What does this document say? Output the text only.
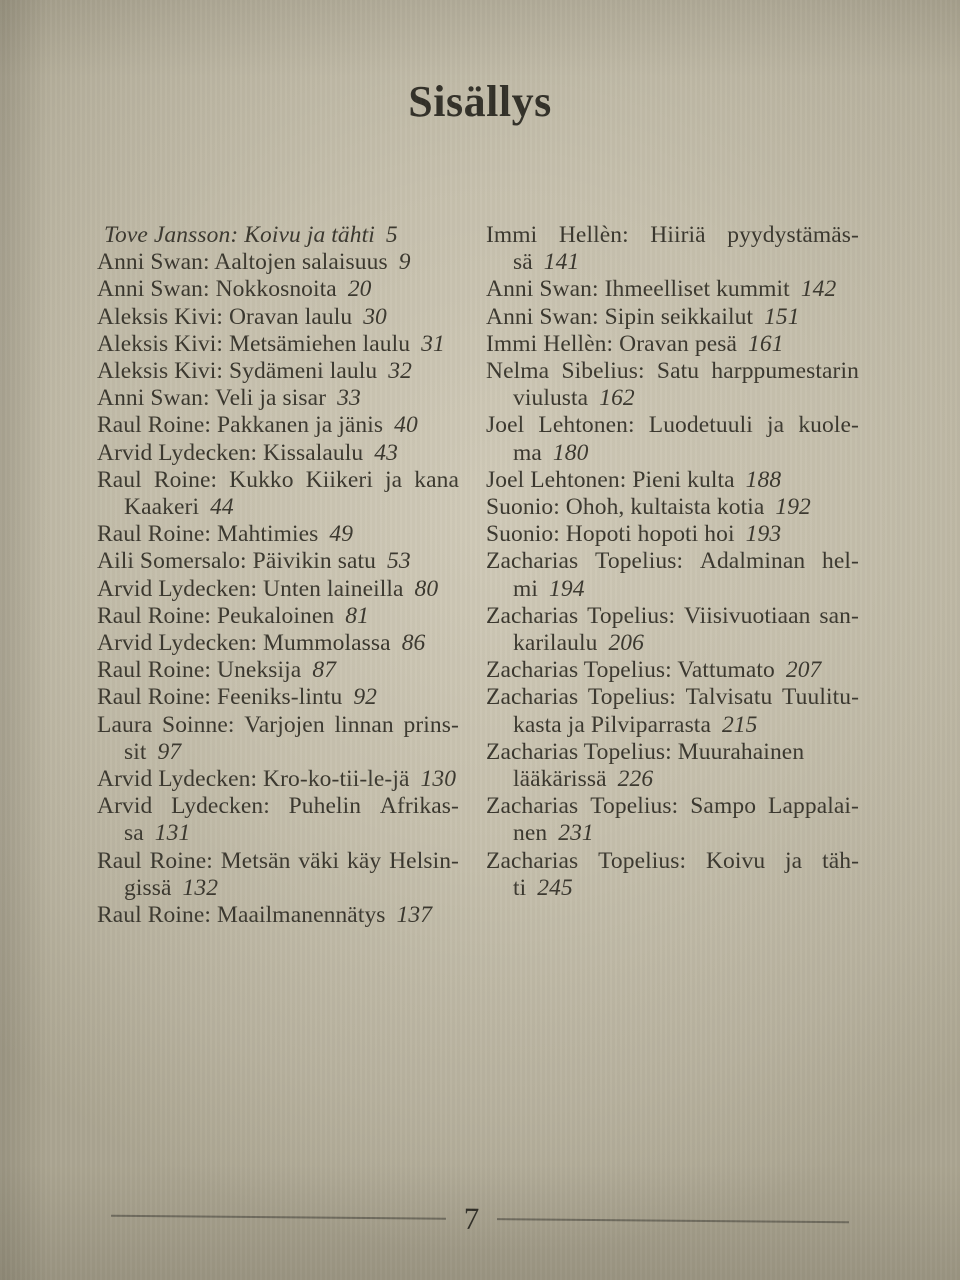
Sisällys
Tove Jansson: Koivu ja tähti 5
Anni Swan: Aaltojen salaisuus 9
Anni Swan: Nokkosnoita 20
Aleksis Kivi: Oravan laulu 30
Aleksis Kivi: Metsämiehen laulu 31
Aleksis Kivi: Sydämeni laulu 32
Anni Swan: Veli ja sisar 33
Raul Roine: Pakkanen ja jänis 40
Arvid Lydecken: Kissalaulu 43
Raul Roine: Kukko Kiikeri ja kana
Kaakeri 44
Raul Roine: Mahtimies 49
Aili Somersalo: Päivikin satu 53
Arvid Lydecken: Unten laineilla 80
Raul Roine: Peukaloinen 81
Arvid Lydecken: Mummolassa 86
Raul Roine: Uneksija 87
Raul Roine: Feeniks-lintu 92
Laura Soinne: Varjojen linnan prins-
sit 97
Arvid Lydecken: Kro-ko-tii-le-jä 130
Arvid Lydecken: Puhelin Afrikas-
sa 131
Raul Roine: Metsän väki käy Helsin-
gissä 132
Raul Roine: Maailmanennätys 137
Immi Hellèn: Hiiriä pyydystämäs-
sä 141
Anni Swan: Ihmeelliset kummit 142
Anni Swan: Sipin seikkailut 151
Immi Hellèn: Oravan pesä 161
Nelma Sibelius: Satu harppumestarin
viulusta 162
Joel Lehtonen: Luodetuuli ja kuole-
ma 180
Joel Lehtonen: Pieni kulta 188
Suonio: Ohoh, kultaista kotia 192
Suonio: Hopoti hopoti hoi 193
Zacharias Topelius: Adalminan hel-
mi 194
Zacharias Topelius: Viisivuotiaan san-
karilaulu 206
Zacharias Topelius: Vattumato 207
Zacharias Topelius: Talvisatu Tuulitu-
kasta ja Pilviparrasta 215
Zacharias Topelius: Muurahainen
lääkärissä 226
Zacharias Topelius: Sampo Lappalai-
nen 231
Zacharias Topelius: Koivu ja täh-
ti 245
7
